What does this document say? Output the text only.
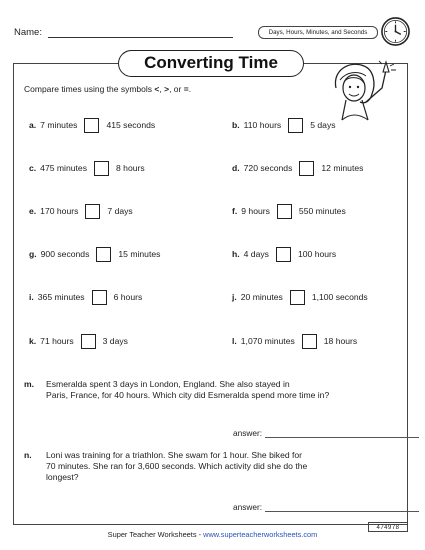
Name:	Days, Hours, Minutes, and Seconds
Converting Time
Compare times using the symbols <, >, or =.
a. 7 minutes	415 seconds	b. 110 hours	5 days
c. 475 minutes	8 hours	d. 720 seconds	12 minutes
e. 170 hours	7 days	f. 9 hours	550 minutes
g. 900 seconds	15 minutes	h. 4 days	100 hours
i. 365 minutes	6 hours	j. 20 minutes	1,100 seconds
k. 71 hours	3 days	l. 1,070 minutes	18 hours
m. Esmeralda spent 3 days in London, England. She also stayed in
Paris, France, for 40 hours. Which city did Esmeralda spend more time in?
answer:
n. Loni was training for a triathlon. She swam for 1 hour. She biked for
70 minutes. She ran for 3,600 seconds. Which activity did she do the
longest?
answer:
Super Teacher Worksheets - www.superteacherworksheets.com
474978
